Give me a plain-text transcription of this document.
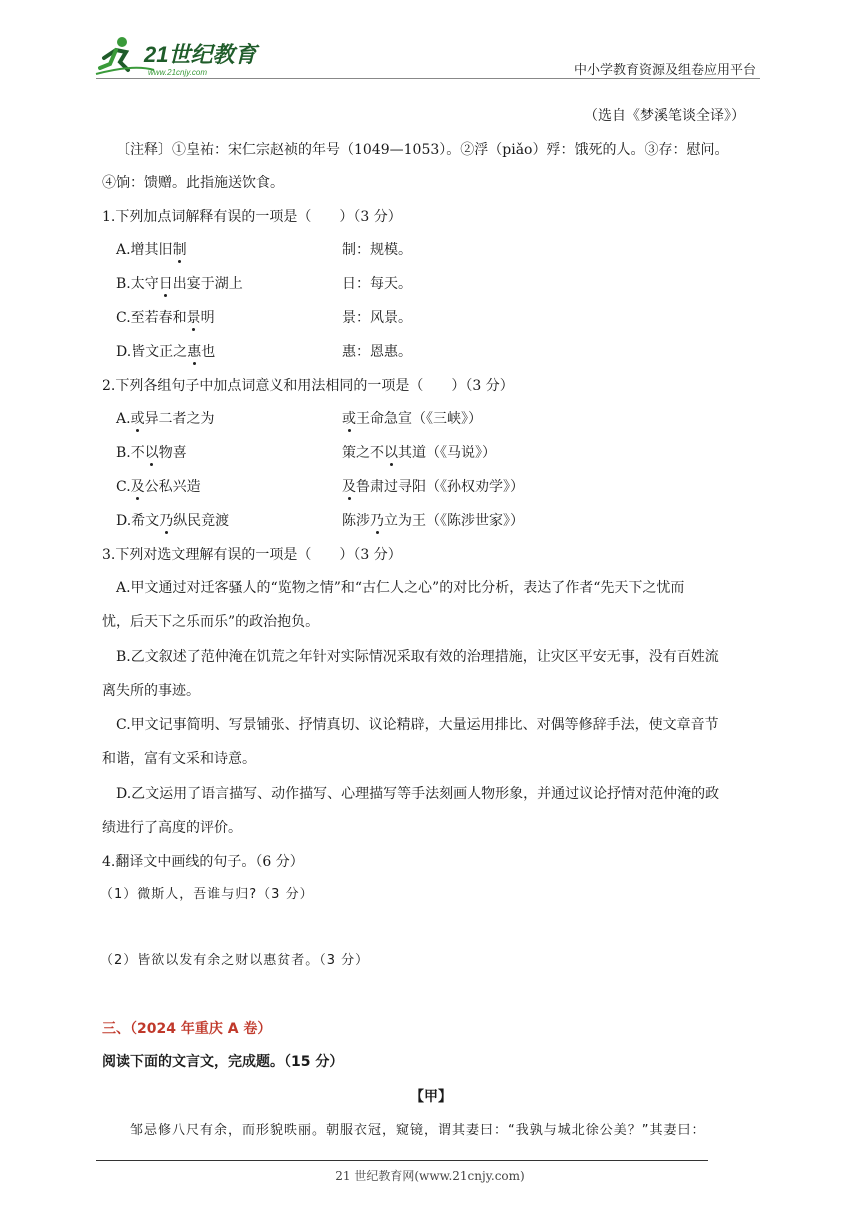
21世纪教育
www.21cnjy.com	中小学教育资源及组卷应用平台
（选自《梦溪笔谈全译》）
〔注释〕①皇祐：宋仁宗赵祯的年号（1049—1053）。②浮（piǎo）殍：饿死的人。③存：慰问。
④饷：馈赠。此指施送饮食。
1.下列加点词解释有误的一项是（　　）（3 分）
A.增其旧制	制：规模。
B.太守日出宴于湖上	日：每天。
C.至若春和景明	景：风景。
D.皆文正之惠也	惠：恩惠。
2.下列各组句子中加点词意义和用法相同的一项是（　　）（3 分）
A.或异二者之为	或王命急宣（《三峡》）
B.不以物喜	策之不以其道（《马说》）
C.及公私兴造	及鲁肃过寻阳（《孙权劝学》）
D.希文乃纵民竞渡	陈涉乃立为王（《陈涉世家》）
3.下列对选文理解有误的一项是（　　）（3 分）
A.甲文通过对迁客骚人的“览物之情”和“古仁人之心”的对比分析，表达了作者“先天下之忧而
忧，后天下之乐而乐”的政治抱负。
B.乙文叙述了范仲淹在饥荒之年针对实际情况采取有效的治理措施，让灾区平安无事，没有百姓流
离失所的事迹。
C.甲文记事简明、写景铺张、抒情真切、议论精辟，大量运用排比、对偶等修辞手法，使文章音节
和谐，富有文采和诗意。
D.乙文运用了语言描写、动作描写、心理描写等手法刻画人物形象，并通过议论抒情对范仲淹的政
绩进行了高度的评价。
4.翻译文中画线的句子。（6 分）
（1）微斯人，吾谁与归?（3 分）
（2）皆欲以发有余之财以惠贫者。（3 分）
三、（2024 年重庆 A 卷）
阅读下面的文言文，完成题。（15 分）
【甲】
邹忌修八尺有余，而形貌昳丽。朝服衣冠，窥镜，谓其妻曰：“我孰与城北徐公美？”其妻曰：
21 世纪教育网(www.21cnjy.com)
